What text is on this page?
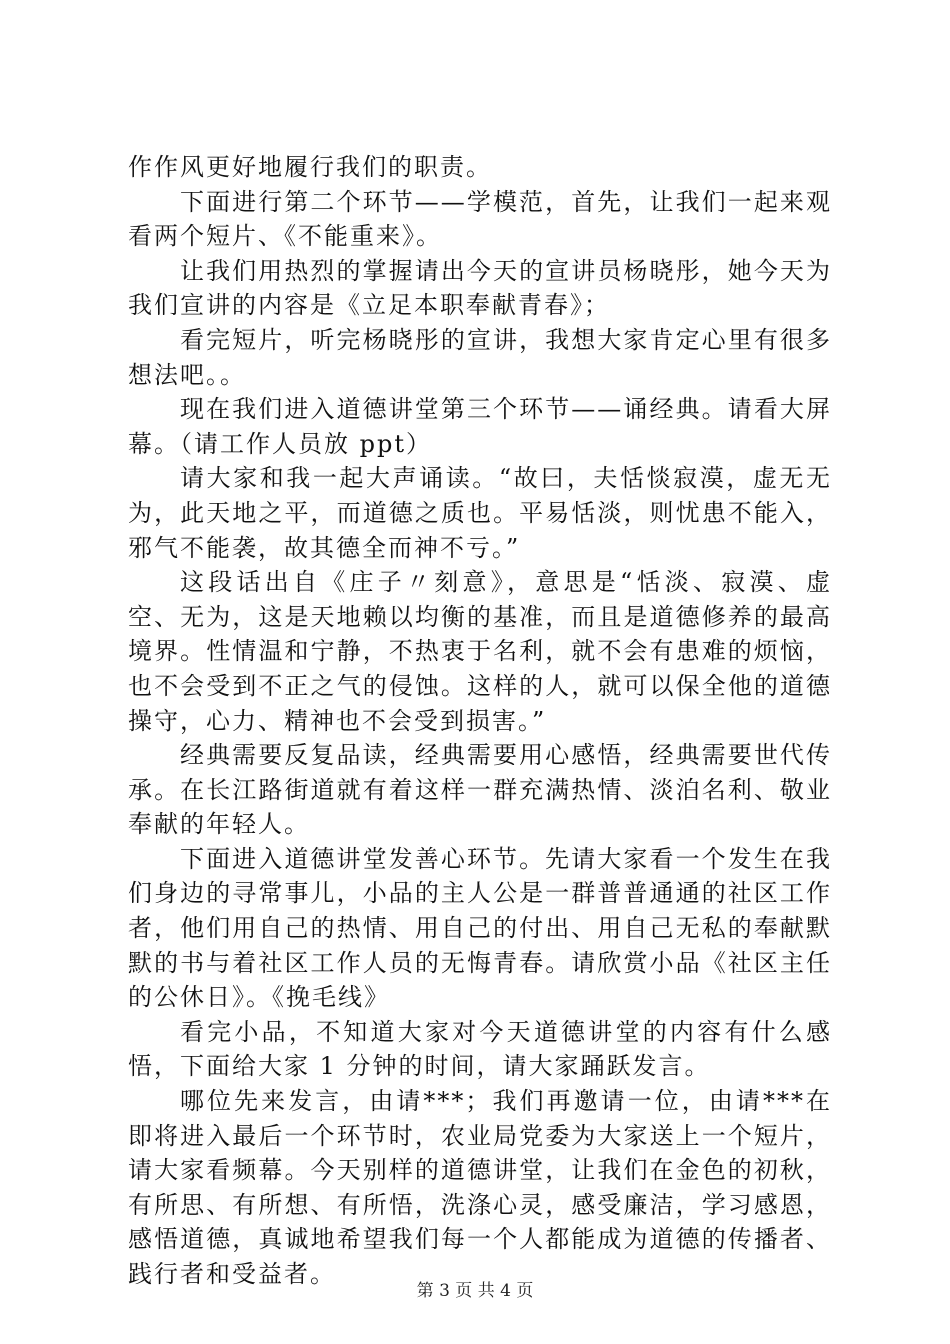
作作风更好地履行我们的职责。

下面进行第二个环节——学模范，首先，让我们一起来观看两个短片、《不能重来》。

让我们用热烈的掌握请出今天的宣讲员杨晓彤，她今天为我们宣讲的内容是《立足本职奉献青春》；

看完短片，听完杨晓彤的宣讲，我想大家肯定心里有很多想法吧。。

现在我们进入道德讲堂第三个环节——诵经典。请看大屏幕。（请工作人员放 ppt）

请大家和我一起大声诵读。“故曰，夫恬惔寂漠，虚无无为，此天地之平，而道德之质也。平易恬淡，则忧患不能入，邪气不能袭，故其德全而神不亏。”

这段话出自《庄子〃刻意》，意思是“恬淡、寂漠、虚空、无为，这是天地赖以均衡的基准，而且是道德修养的最高境界。性情温和宁静，不热衷于名利，就不会有患难的烦恼，也不会受到不正之气的侵蚀。这样的人，就可以保全他的道德操守，心力、精神也不会受到损害。”

经典需要反复品读，经典需要用心感悟，经典需要世代传承。在长江路街道就有着这样一群充满热情、淡泊名利、敬业奉献的年轻人。

下面进入道德讲堂发善心环节。先请大家看一个发生在我们身边的寻常事儿，小品的主人公是一群普普通通的社区工作者，他们用自己的热情、用自己的付出、用自己无私的奉献默默的书与着社区工作人员的无悔青春。请欣赏小品《社区主任的公休日》。《挽毛线》

看完小品，不知道大家对今天道德讲堂的内容有什么感悟，下面给大家 1 分钟的时间，请大家踊跃发言。

哪位先来发言，由请***；我们再邀请一位，由请***在即将进入最后一个环节时，农业局党委为大家送上一个短片，请大家看频幕。今天别样的道德讲堂，让我们在金色的初秋，有所思、有所想、有所悟，洗涤心灵，感受廉洁，学习感恩，感悟道德，真诚地希望我们每一个人都能成为道德的传播者、践行者和受益者。

第 3 页 共 4 页
